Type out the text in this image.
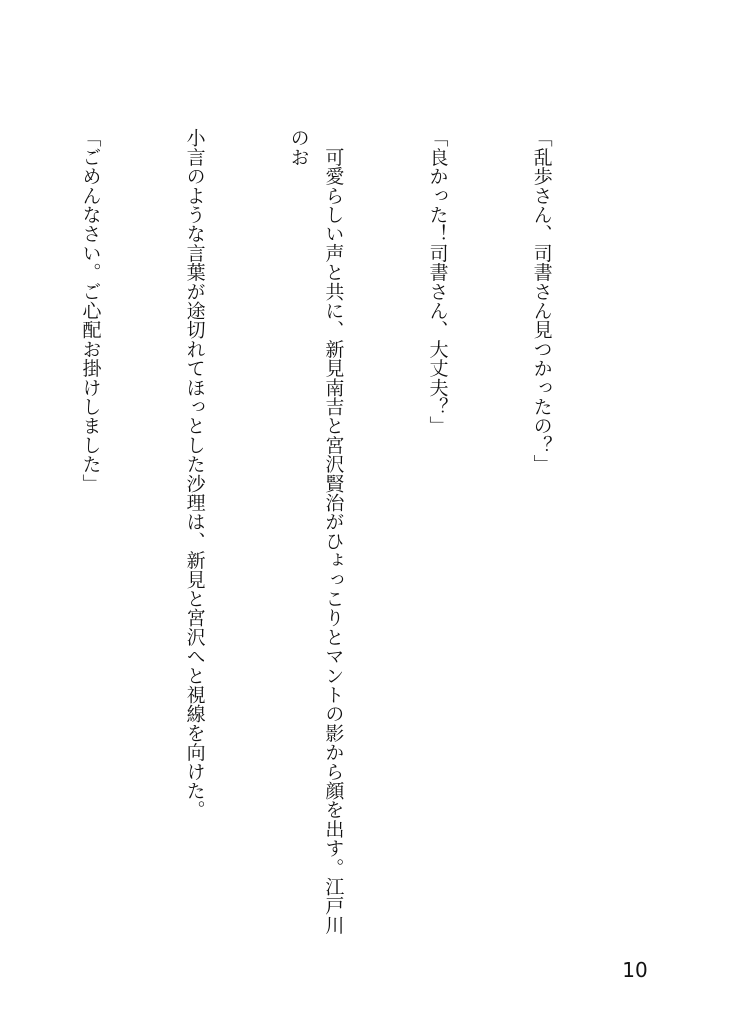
「乱歩さん、司書さん見つかったの？」

「良かった！司書さん、大丈夫？」

　可愛らしい声と共に、新見南吉と宮沢賢治がひょっこりとマントの影から顔を出す。江戸川のお

小言のような言葉が途切れてほっとした沙理は、新見と宮沢へと視線を向けた。

「ごめんなさい。ご心配お掛けしました」

10
